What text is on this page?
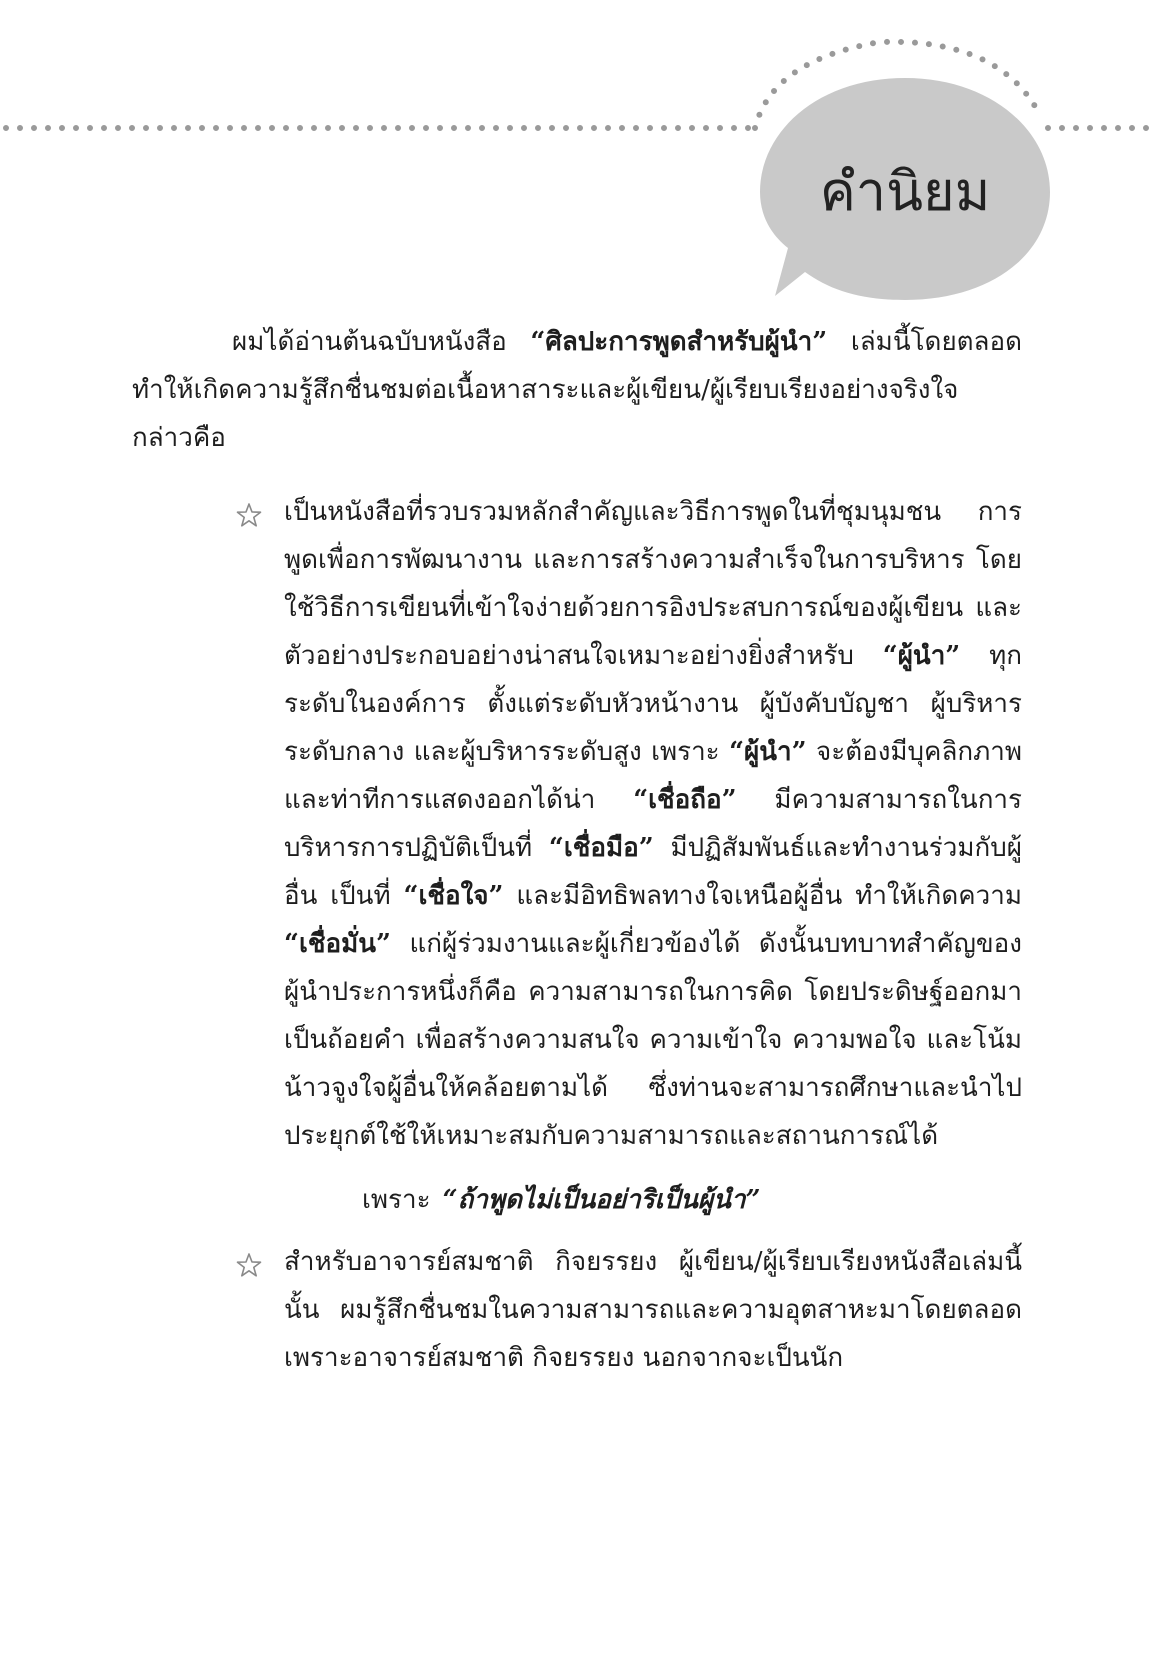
คำนิยม

ผมได้อ่านต้นฉบับหนังสือ “ศิลปะการพูดสำหรับผู้นำ” เล่มนี้โดยตลอด ทำให้เกิดความรู้สึกชื่นชมต่อเนื้อหาสาระและผู้เขียน/ผู้เรียบเรียงอย่างจริงใจ กล่าวคือ

เป็นหนังสือที่รวบรวมหลักสำคัญและวิธีการพูดในที่ชุมนุมชน การพูดเพื่อการพัฒนางาน และการสร้างความสำเร็จในการบริหาร โดยใช้วิธีการเขียนที่เข้าใจง่ายด้วยการอิงประสบการณ์ของผู้เขียน และตัวอย่างประกอบอย่างน่าสนใจเหมาะอย่างยิ่งสำหรับ “ผู้นำ” ทุกระดับในองค์การ ตั้งแต่ระดับหัวหน้างาน ผู้บังคับบัญชา ผู้บริหารระดับกลาง และผู้บริหารระดับสูง เพราะ “ผู้นำ” จะต้องมีบุคลิกภาพและท่าทีการแสดงออกได้น่า “เชื่อถือ” มีความสามารถในการบริหารการปฏิบัติเป็นที่ “เชื่อมือ” มีปฏิสัมพันธ์และทำงานร่วมกับผู้อื่น เป็นที่ “เชื่อใจ” และมีอิทธิพลทางใจเหนือผู้อื่น ทำให้เกิดความ “เชื่อมั่น” แก่ผู้ร่วมงานและผู้เกี่ยวข้องได้ ดังนั้นบทบาทสำคัญของผู้นำประการหนึ่งก็คือ ความสามารถในการคิด โดยประดิษฐ์ออกมาเป็นถ้อยคำ เพื่อสร้างความสนใจ ความเข้าใจ ความพอใจ และโน้มน้าวจูงใจผู้อื่นให้คล้อยตามได้ ซึ่งท่านจะสามารถศึกษาและนำไปประยุกต์ใช้ให้เหมาะสมกับความสามารถและสถานการณ์ได้

เพราะ “ถ้าพูดไม่เป็นอย่าริเป็นผู้นำ”

สำหรับอาจารย์สมชาติ กิจยรรยง ผู้เขียน/ผู้เรียบเรียงหนังสือเล่มนี้นั้น ผมรู้สึกชื่นชมในความสามารถและความอุตสาหะมาโดยตลอด เพราะอาจารย์สมชาติ กิจยรรยง นอกจากจะเป็นนัก
